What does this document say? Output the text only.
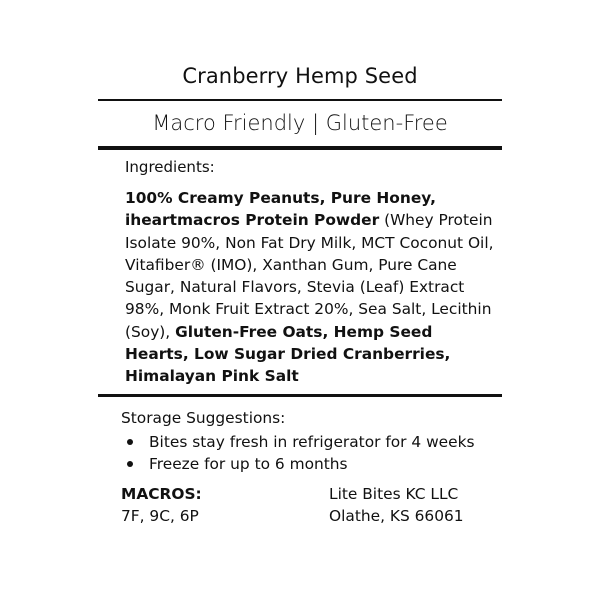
Cranberry Hemp Seed
Macro Friendly | Gluten-Free
Ingredients:
100% Creamy Peanuts, Pure Honey, iheartmacros Protein Powder (Whey Protein Isolate 90%, Non Fat Dry Milk, MCT Coconut Oil, Vitafiber® (IMO), Xanthan Gum, Pure Cane Sugar, Natural Flavors, Stevia (Leaf) Extract 98%, Monk Fruit Extract 20%, Sea Salt, Lecithin (Soy), Gluten-Free Oats, Hemp Seed Hearts, Low Sugar Dried Cranberries, Himalayan Pink Salt
Storage Suggestions:
Bites stay fresh in refrigerator for 4 weeks
Freeze for up to 6 months
MACROS:
7F, 9C, 6P
Lite Bites KC LLC
Olathe, KS 66061
